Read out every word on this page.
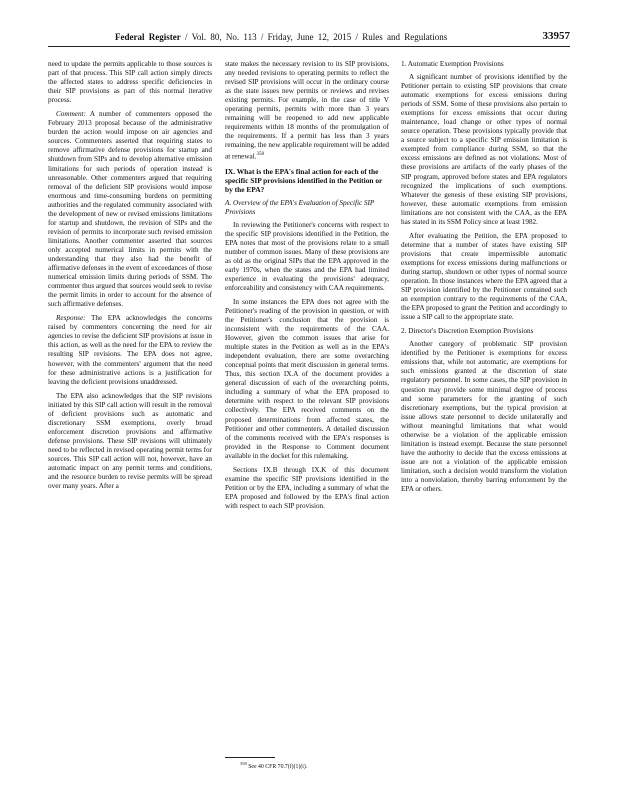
Federal Register / Vol. 80, No. 113 / Friday, June 12, 2015 / Rules and Regulations	33957

need to update the permits applicable to those sources is part of that process. This SIP call action simply directs the affected states to address specific deficiencies in their SIP provisions as part of this normal iterative process.

Comment: A number of commenters opposed the February 2013 proposal because of the administrative burden the action would impose on air agencies and sources. Commenters asserted that requiring states to remove affirmative defense provisions for startup and shutdown from SIPs and to develop alternative emission limitations for such periods of operation instead is unreasonable. Other commenters argued that requiring removal of the deficient SIP provisions would impose enormous and time-consuming burdens on permitting authorities and the regulated community associated with the development of new or revised emissions limitations for startup and shutdown, the revision of SIPs and the revision of permits to incorporate such revised emission limitations. Another commenter asserted that sources only accepted numerical limits in permits with the understanding that they also had the benefit of affirmative defenses in the event of exceedances of those numerical emission limits during periods of SSM. The commenter thus argued that sources would seek to revise the permit limits in order to account for the absence of such affirmative defenses.

Response: The EPA acknowledges the concerns raised by commenters concerning the need for air agencies to revise the deficient SIP provisions at issue in this action, as well as the need for the EPA to review the resulting SIP revisions. The EPA does not agree, however, with the commenters' argument that the need for these administrative actions is a justification for leaving the deficient provisions unaddressed.

The EPA also acknowledges that the SIP revisions initiated by this SIP call action will result in the removal of deficient provisions such as automatic and discretionary SSM exemptions, overly broad enforcement discretion provisions and affirmative defense provisions. These SIP revisions will ultimately need to be reflected in revised operating permit terms for sources. This SIP call action will not, however, have an automatic impact on any permit terms and conditions, and the resource burden to revise permits will be spread over many years. After a

state makes the necessary revision to its SIP provisions, any needed revisions to operating permits to reflect the revised SIP provisions will occur in the ordinary course as the state issues new permits or reviews and revises existing permits. For example, in the case of title V operating permits, permits with more than 3 years remaining will be reopened to add new applicable requirements within 18 months of the promulgation of the requirements. If a permit has less than 3 years remaining, the new applicable requirement will be added at renewal.$^{358}$

IX. What is the EPA's final action for each of the specific SIP provisions identified in the Petition or by the EPA?
A. Overview of the EPA's Evaluation of Specific SIP Provisions

In reviewing the Petitioner's concerns with respect to the specific SIP provisions identified in the Petition, the EPA notes that most of the provisions relate to a small number of common issues. Many of these provisions are as old as the original SIPs that the EPA approved in the early 1970s, when the states and the EPA had limited experience in evaluating the provisions' adequacy, enforceability and consistency with CAA requirements.

In some instances the EPA does not agree with the Petitioner's reading of the provision in question, or with the Petitioner's conclusion that the provision is inconsistent with the requirements of the CAA. However, given the common issues that arise for multiple states in the Petition as well as in the EPA's independent evaluation, there are some overarching conceptual points that merit discussion in general terms. Thus, this section IX.A of the document provides a general discussion of each of the overarching points, including a summary of what the EPA proposed to determine with respect to the relevant SIP provisions collectively. The EPA received comments on the proposed determinations from affected states, the Petitioner and other commenters. A detailed discussion of the comments received with the EPA's responses is provided in the Response to Comment document available in the docket for this rulemaking.

Sections IX.B through IX.K of this document examine the specific SIP provisions identified in the Petition or by the EPA, including a summary of what the EPA proposed and followed by the EPA's final action with respect to each SIP provision.

1. Automatic Exemption Provisions

A significant number of provisions identified by the Petitioner pertain to existing SIP provisions that create automatic exemptions for excess emissions during periods of SSM. Some of these provisions also pertain to exemptions for excess emissions that occur during maintenance, load change or other types of normal source operation. These provisions typically provide that a source subject to a specific SIP emission limitation is exempted from compliance during SSM, so that the excess emissions are defined as not violations. Most of these provisions are artifacts of the early phases of the SIP program, approved before states and EPA regulators recognized the implications of such exemptions. Whatever the genesis of these existing SIP provisions, however, these automatic exemptions from emission limitations are not consistent with the CAA, as the EPA has stated in its SSM Policy since at least 1982.

After evaluating the Petition, the EPA proposed to determine that a number of states have existing SIP provisions that create impermissible automatic exemptions for excess emissions during malfunctions or during startup, shutdown or other types of normal source operation. In those instances where the EPA agreed that a SIP provision identified by the Petitioner contained such an exemption contrary to the requirements of the CAA, the EPA proposed to grant the Petition and accordingly to issue a SIP call to the appropriate state.

2. Director's Discretion Exemption Provisions

Another category of problematic SIP provision identified by the Petitioner is exemptions for excess emissions that, while not automatic, are exemptions for such emissions granted at the discretion of state regulatory personnel. In some cases, the SIP provision in question may provide some minimal degree of process and some parameters for the granting of such discretionary exemptions, but the typical provision at issue allows state personnel to decide unilaterally and without meaningful limitations that what would otherwise be a violation of the applicable emission limitation is instead exempt. Because the state personnel have the authority to decide that the excess emissions at issue are not a violation of the applicable emission limitation, such a decision would transform the violation into a nonviolation, thereby barring enforcement by the EPA or others.

$^{358}$ See 40 CFR 70.7(f)(1)(i).
